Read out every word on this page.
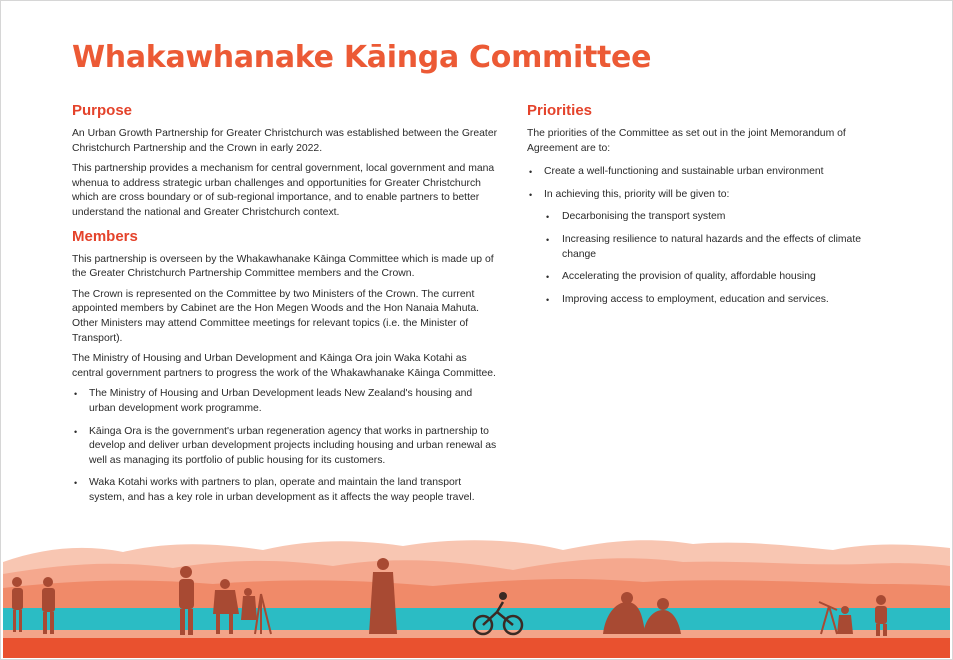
Whakawhanake Kāinga Committee
Purpose

An Urban Growth Partnership for Greater Christchurch was established between the Greater Christchurch Partnership and the Crown in early 2022.

This partnership provides a mechanism for central government, local government and mana whenua to address strategic urban challenges and opportunities for Greater Christchurch which are cross boundary or of sub-regional importance, and to enable partners to better understand the national and Greater Christchurch context.

Members

This partnership is overseen by the Whakawhanake Kāinga Committee which is made up of the Greater Christchurch Partnership Committee members and the Crown.

The Crown is represented on the Committee by two Ministers of the Crown. The current appointed members by Cabinet are the Hon Megen Woods and the Hon Nanaia Mahuta. Other Ministers may attend Committee meetings for relevant topics (i.e. the Minister of Transport).

The Ministry of Housing and Urban Development and Kāinga Ora join Waka Kotahi as central government partners to progress the work of the Whakawhanake Kāinga Committee.

• The Ministry of Housing and Urban Development leads New Zealand's housing and urban development work programme.
• Kāinga Ora is the government's urban regeneration agency that works in partnership to develop and deliver urban development projects including housing and urban renewal as well as managing its portfolio of public housing for its customers.
• Waka Kotahi works with partners to plan, operate and maintain the land transport system, and has a key role in urban development as it affects the way people travel.
Priorities

The priorities of the Committee as set out in the joint Memorandum of Agreement are to:

• Create a well-functioning and sustainable urban environment
• In achieving this, priority will be given to:
• Decarbonising the transport system
• Increasing resilience to natural hazards and the effects of climate change
• Accelerating the provision of quality, affordable housing
• Improving access to employment, education and services.
